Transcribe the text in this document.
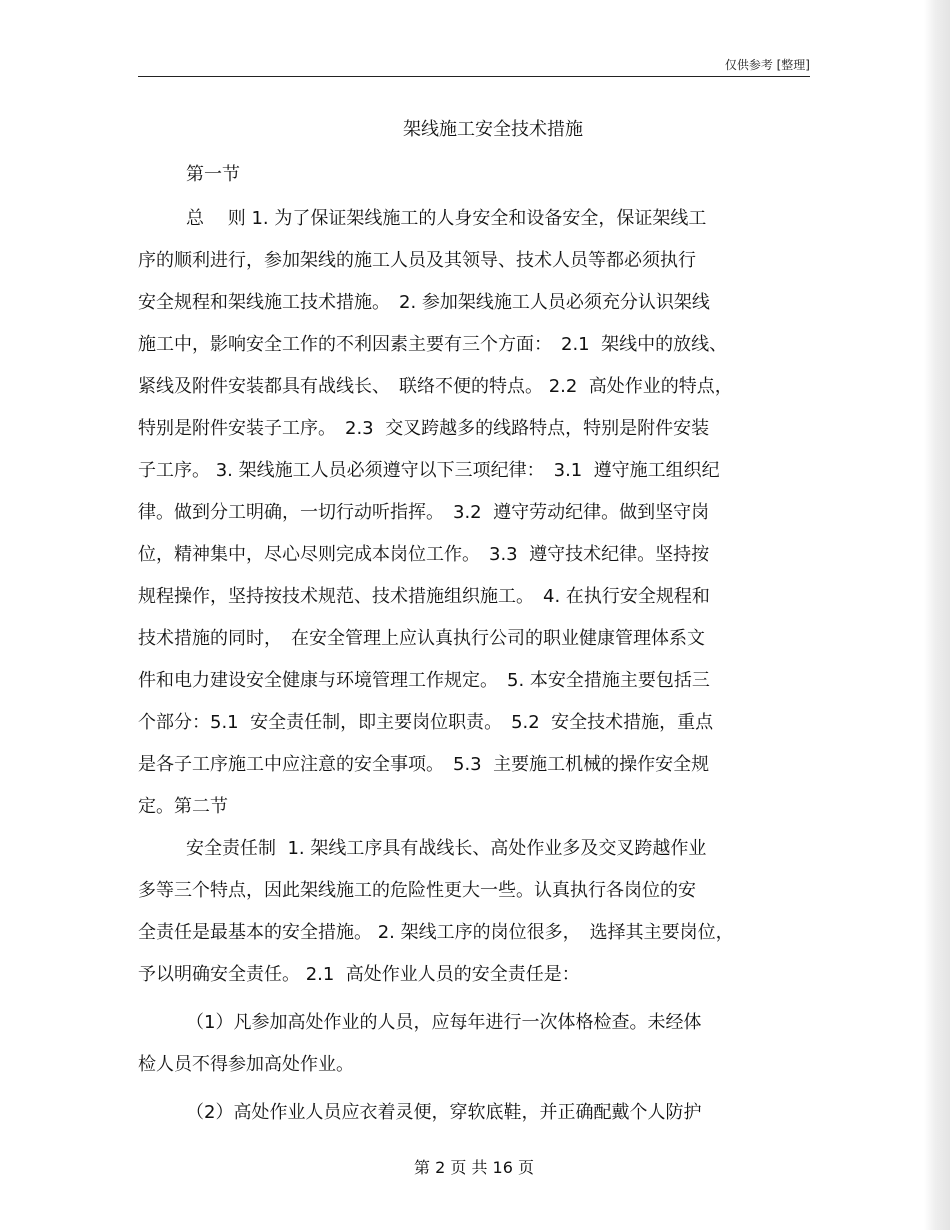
仅供参考 [整理]
架线施工安全技术措施
第一节
总　 则 1. 为了保证架线施工的人身安全和设备安全，保证架线工
序的顺利进行，参加架线的施工人员及其领导、技术人员等都必须执行
安全规程和架线施工技术措施。　2. 参加架线施工人员必须充分认识架线
施工中，影响安全工作的不利因素主要有三个方面：　2.1  架线中的放线、
紧线及附件安装都具有战线长、　联络不便的特点。 2.2  高处作业的特点，
特别是附件安装子工序。　2.3  交叉跨越多的线路特点，特别是附件安装
子工序。 3. 架线施工人员必须遵守以下三项纪律：　3.1  遵守施工组织纪
律。做到分工明确，一切行动听指挥。　3.2  遵守劳动纪律。做到坚守岗
位，精神集中，尽心尽则完成本岗位工作。　3.3  遵守技术纪律。坚持按
规程操作，坚持按技术规范、技术措施组织施工。　4. 在执行安全规程和
技术措施的同时，　在安全管理上应认真执行公司的职业健康管理体系文
件和电力建设安全健康与环境管理工作规定。　5. 本安全措施主要包括三
个部分：5.1  安全责任制，即主要岗位职责。　5.2  安全技术措施，重点
是各子工序施工中应注意的安全事项。　5.3  主要施工机械的操作安全规
定。第二节
安全责任制  1. 架线工序具有战线长、高处作业多及交叉跨越作业
多等三个特点，因此架线施工的危险性更大一些。认真执行各岗位的安
全责任是最基本的安全措施。 2. 架线工序的岗位很多，　选择其主要岗位，
予以明确安全责任。 2.1  高处作业人员的安全责任是：
（1）凡参加高处作业的人员，应每年进行一次体格检查。未经体
检人员不得参加高处作业。
（2）高处作业人员应衣着灵便，穿软底鞋，并正确配戴个人防护
第 2 页 共 16 页
